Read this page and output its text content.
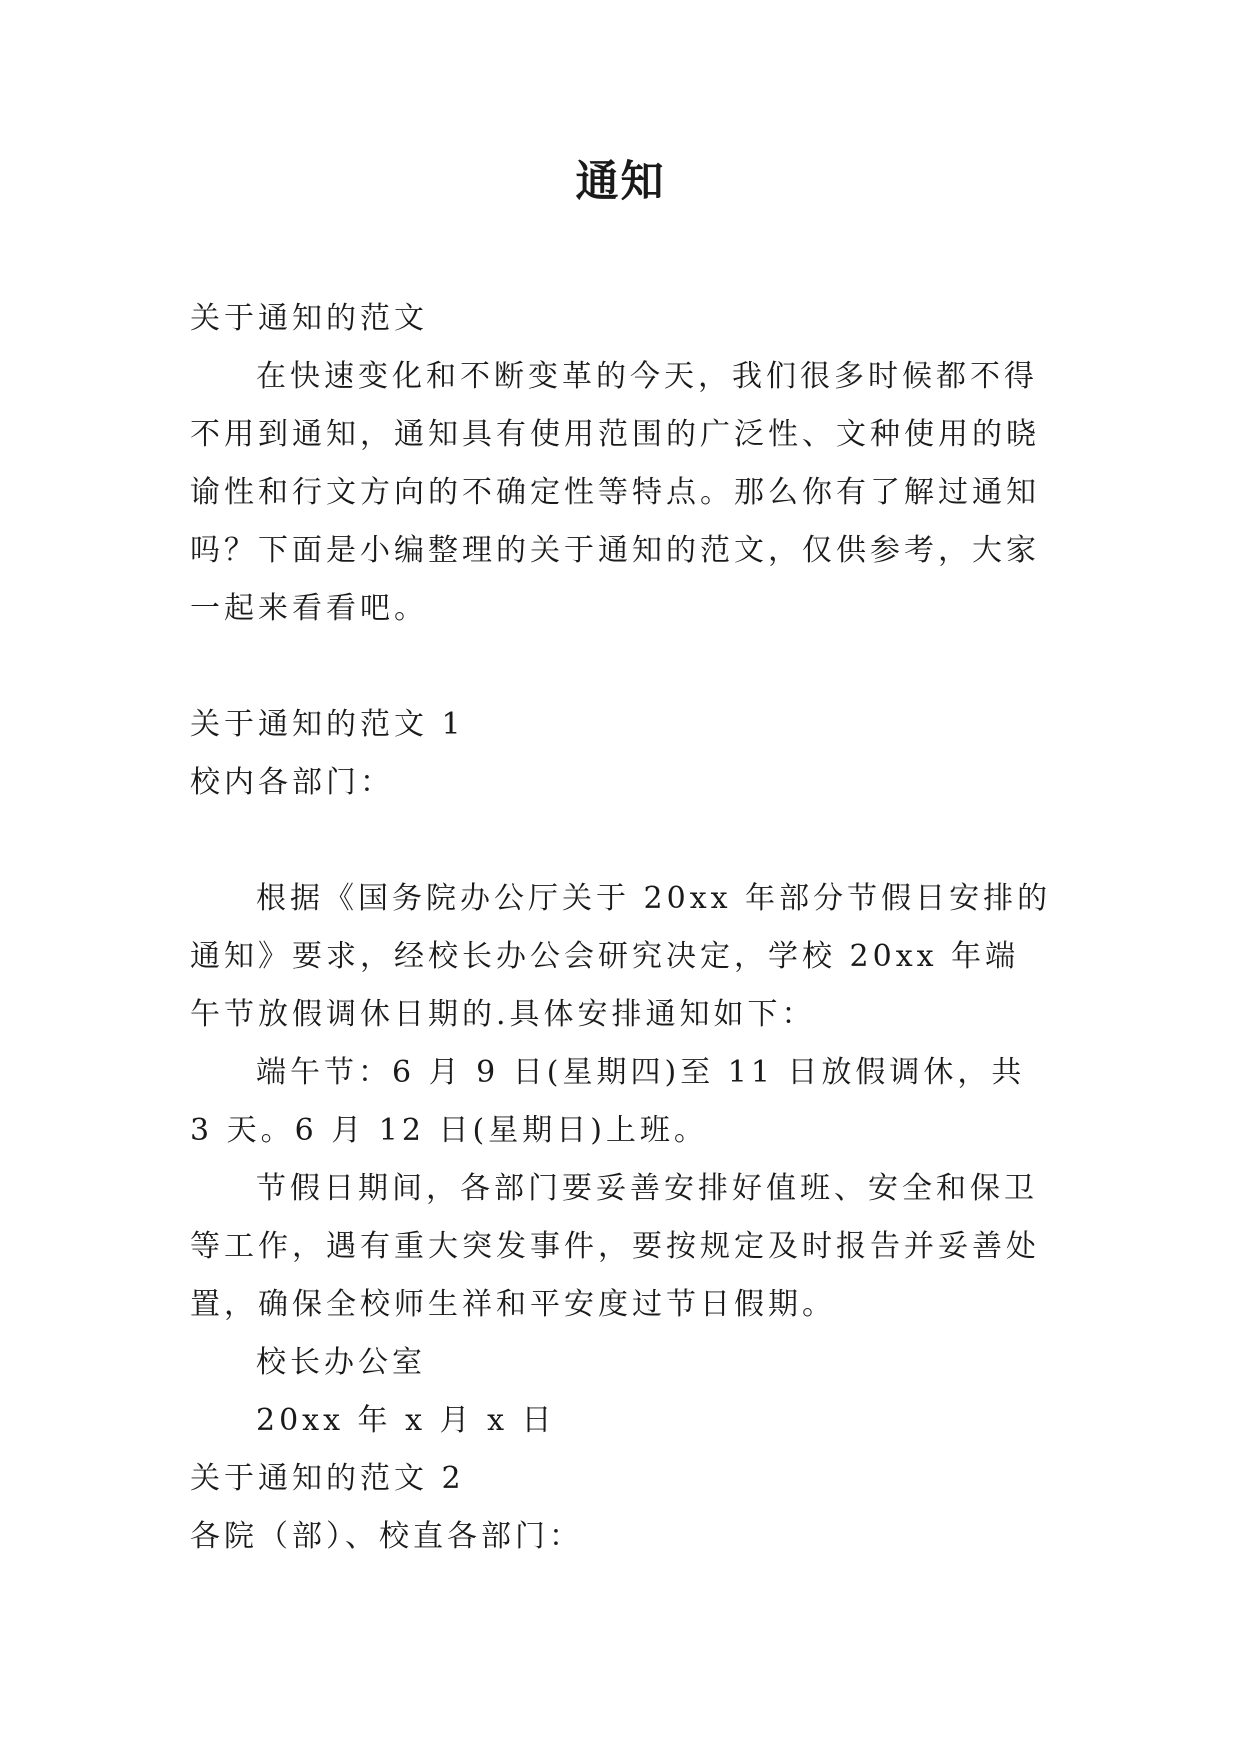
通知

关于通知的范文

在快速变化和不断变革的今天，我们很多时候都不得不用到通知，通知具有使用范围的广泛性、文种使用的晓谕性和行文方向的不确定性等特点。那么你有了解过通知吗？下面是小编整理的关于通知的范文，仅供参考，大家一起来看看吧。

关于通知的范文 1

校内各部门：

根据《国务院办公厅关于 20xx 年部分节假日安排的通知》要求，经校长办公会研究决定，学校 20xx 年端午节放假调休日期的.具体安排通知如下：

端午节：6 月 9 日(星期四)至 11 日放假调休，共 3 天。6 月 12 日(星期日)上班。

节假日期间，各部门要妥善安排好值班、安全和保卫等工作，遇有重大突发事件，要按规定及时报告并妥善处置，确保全校师生祥和平安度过节日假期。

校长办公室

20xx 年 x 月 x 日

关于通知的范文 2

各院（部）、校直各部门：
